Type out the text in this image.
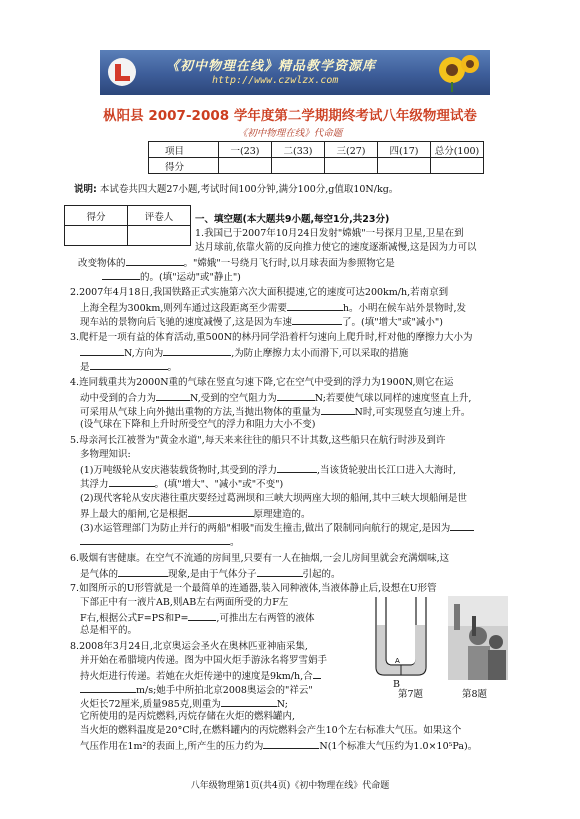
《初中物理在线》精品教学资源库
http://www.czwlzx.com
枞阳县 2007-2008 学年度第二学期期终考试八年级物理试卷
《初中物理在线》代命题
项目	一(23)	二(33)	三(27)	四(17)	总分(100)
得分					
说明: 本试卷共四大题27小题,考试时间100分钟,满分100分,g值取10N/kg。
得分	评卷人
	一、填空题(本大题共9小题,每空1分,共23分)
1.我国已于2007年10月24日发射"嫦娥"一号探月卫星,卫星在到
达月球前,依靠火箭的反向推力使它的速度逐渐减慢,这是因为力可以
改变物体的	。"嫦娥"一号绕月飞行时,以月球表面为参照物它是
的。(填"运动"或"静止")
2.2007年4月18日,我国铁路正式实施第六次大面积提速,它的速度可达200km/h,若南京到
上海全程为300km,则列车通过这段距离至少需要	h。小明在候车站外景物时,发
现车站的景物向后飞驰的速度减慢了,这是因为车速	了。(填"增大"或"减小")
3.爬杆是一项有益的体育活动,重500N的林丹同学沿着杆匀速向上爬升时,杆对他的摩擦力大小为
N,方向为	,为防止摩擦力太小而滑下,可以采取的措施
是	。
4.连同载重共为2000N重的气球在竖直匀速下降,它在空气中受到的浮力为1900N,则它在运
动中受到的合力为	N,受到的空气阻力为	N;若要使气球以同样的速度竖直上升,
可采用从气球上向外抛出重物的方法,当抛出物体的重量为	N时,可实现竖直匀速上升。
(设气球在下降和上升时所受空气的浮力和阻力大小不变)
5.母亲河长江被誉为"黄金水道",每天来来往往的船只不计其数,这些船只在航行时涉及到许
多物理知识:
(1)万吨级轮从安庆港装载货物时,其受到的浮力	,当该货轮驶出长江口进入大海时,
其浮力	。(填"增大"、"减小"或"不变")
(2)现代客轮从安庆港往重庆要经过葛洲坝和三峡大坝两座大坝的船闸,其中三峡大坝船闸是世
界上最大的船闸,它是根据	原理建造的。
(3)水运管理部门为防止并行的两船"相吸"而发生撞击,做出了限制同向航行的规定,是因为
。
6.吸烟有害健康。在空气不流通的房间里,只要有一人在抽烟,一会儿房间里就会充满烟味,这
是气体的	现象,是由于气体分子	引起的。
7.如图所示的U形管就是一个最简单的连通器,装入同种液体,当液体静止后,设想在U形管
下部正中有一液片AB,则AB左右两面所受的力F左
F右,根据公式F=PS和P=	,可推出左右两管的液体
总是相平的。
8.2008年3月24日,北京奥运会圣火在奥林匹亚神庙采集,
并开始在希腊境内传递。图为中国火炬手游泳名将罗雪娟手
持火炬进行传递。若她在火炬传递中的速度是9km/h,合
m/s;她手中所拍北京2008奥运会的"祥云"
火炬长72厘米,质量985克,则重为	N;
它所使用的是丙烷燃料,丙烷存储在火炬的燃料罐内,
当火炬的燃料温度是20°C时,在燃料罐内的丙烷燃料会产生10个左右标准大气压。如果这个
气压作用在1m²的表面上,所产生的压力约为	N(1个标准大气压约为1.0×10⁵Pa)。
A
B
第7题	第8题
八年级物理第1页(共4页)《初中物理在线》代命题
